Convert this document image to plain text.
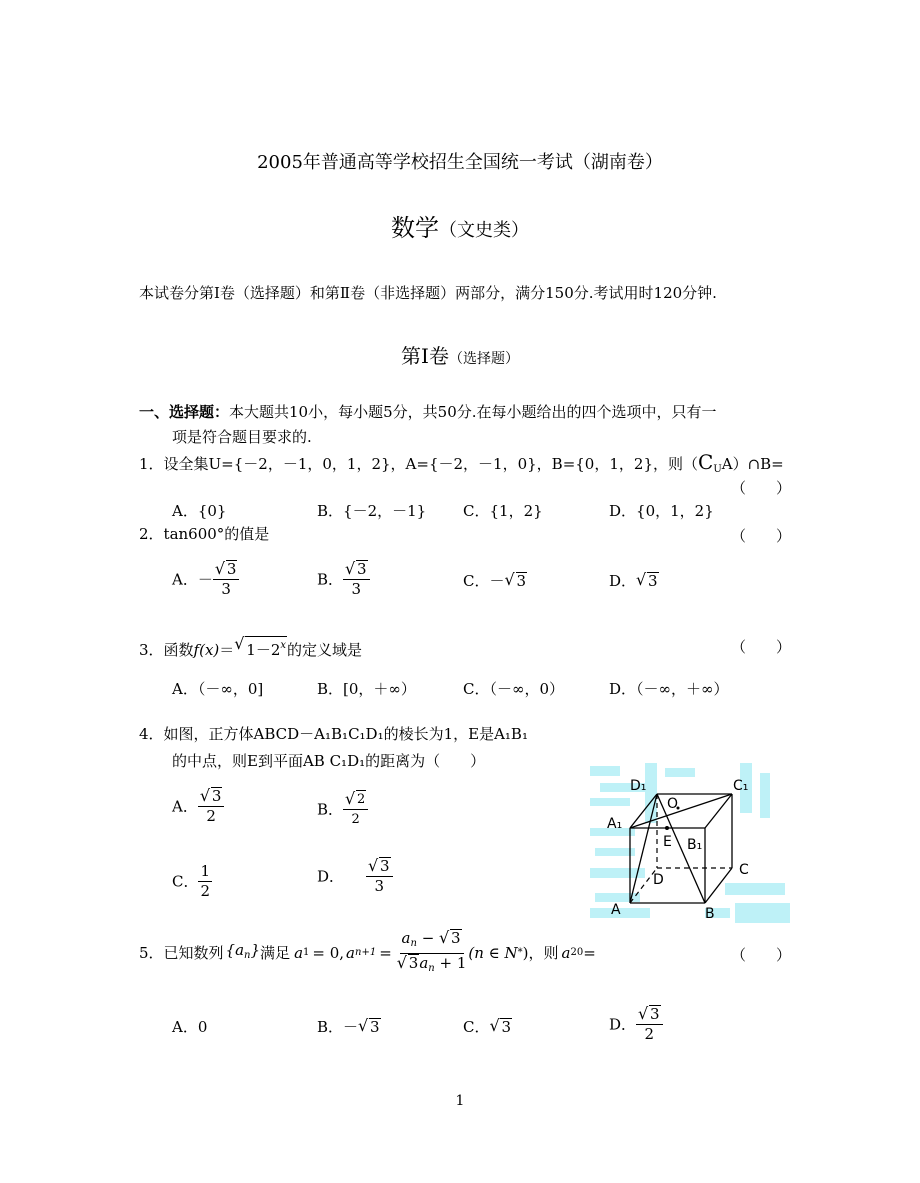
2005年普通高等学校招生全国统一考试（湖南卷）
数学（文史类）
本试卷分第Ⅰ卷（选择题）和第Ⅱ卷（非选择题）两部分，满分150分.考试用时120分钟.
第Ⅰ卷（选择题）
一、选择题：本大题共10小，每小题5分，共50分.在每小题给出的四个选项中，只有一
项是符合题目要求的.
1．设全集U={－2，－1，0，1，2}，A={－2，－1，0}，B={0，1，2}，则$(C_UA)\cap B=$
（　　）
A．{0}	B．{－2，－1} C．{1，2}	D．{0，1，2}
2．tan600°的值是	（　　）
A．－ √ $\frac{3}{3}$	B． √ $\frac{3}{3}$	C．－ √ 3	D． √ 3
3．函数f(x)＝ √ $1-2^x$的定义域是	（　　）
A．（－∞，0]	B．[0，＋∞）	C．（－∞，0）	D．（－∞，＋∞）
4．如图，正方体ABCD－A₁B₁C₁D₁的棱长为1，E是A₁B₁
的中点，则E到平面AB C₁D₁的距离为（　　）
A． √ $\frac{3}{2}$	B． √ $\frac{2}{2}$
C． $\frac{1}{2}$	D． √ $\frac{3}{3}$
D₁
O
C₁
A₁
E B₁
C
D
A	B
5．已知数列 $\{a_n\}$ 满足 a 1 = 0, a $n+1 = a_n$ − √ 3
√ $3a_n + 1$ (n ∈ N * ) ，则 a 20 =	（　　）
A．0	B．－ √ 3	C． √ 3	D． √ $\frac{3}{2}$
1
